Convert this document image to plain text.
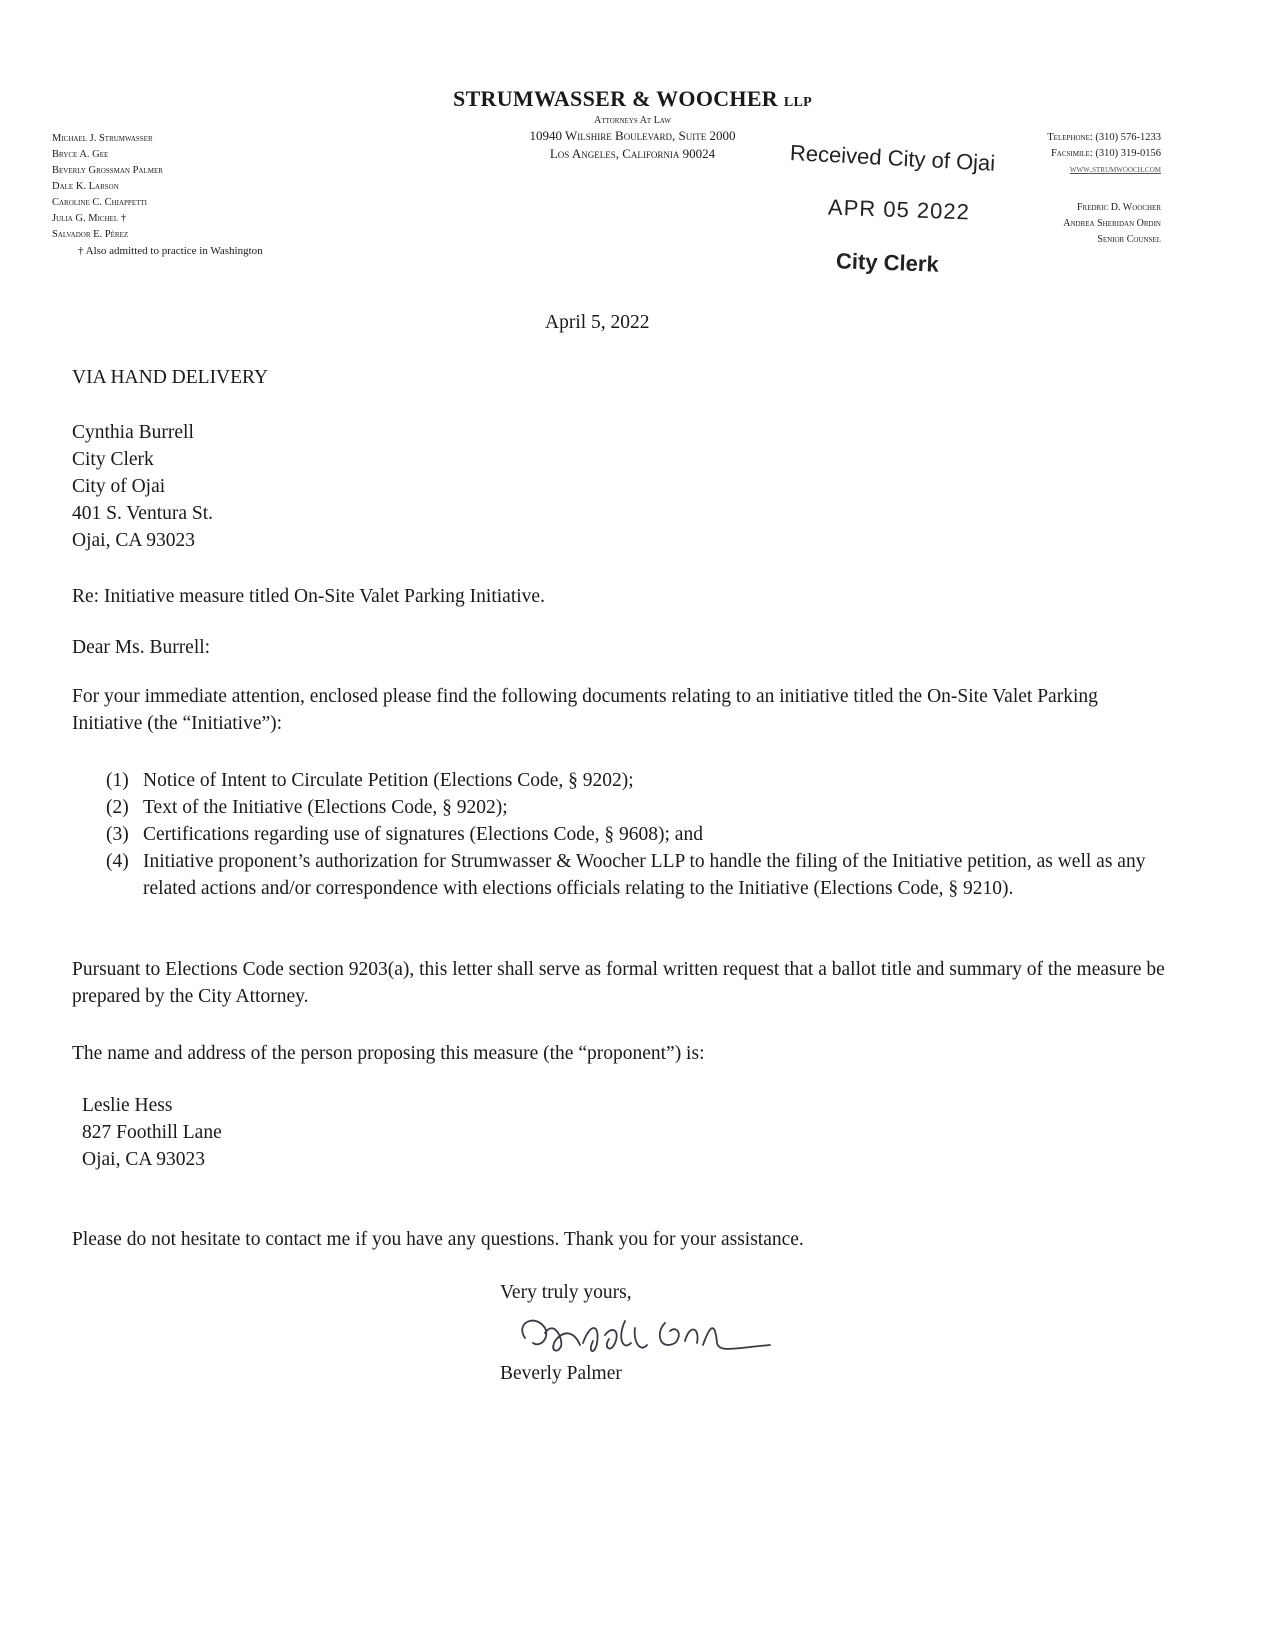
STRUMWASSER & WOOCHER LLP
Attorneys At Law
10940 Wilshire Boulevard, Suite 2000
Los Angeles, California 90024
Michael J. Strumwasser
Bryce A. Gee
Beverly Grossman Palmer
Dale K. Larson
Caroline C. Chiappetti
Julia G. Michel †
Salvador E. Pérez
† Also admitted to practice in Washington
Telephone: (310) 576-1233
Facsimile: (310) 319-0156
www.strumwooch.com
Fredric D. Woocher
Andrea Sheridan Ordin
Senior Counsel
Received City of Ojai
APR 05 2022
City Clerk
April 5, 2022
VIA HAND DELIVERY
Cynthia Burrell
City Clerk
City of Ojai
401 S. Ventura St.
Ojai, CA 93023
Re: Initiative measure titled On-Site Valet Parking Initiative.
Dear Ms. Burrell:
For your immediate attention, enclosed please find the following documents relating to an initiative titled the On-Site Valet Parking Initiative (the “Initiative”):
(1) Notice of Intent to Circulate Petition (Elections Code, § 9202);
(2) Text of the Initiative (Elections Code, § 9202);
(3) Certifications regarding use of signatures (Elections Code, § 9608); and
(4) Initiative proponent’s authorization for Strumwasser & Woocher LLP to handle the filing of the Initiative petition, as well as any related actions and/or correspondence with elections officials relating to the Initiative (Elections Code, § 9210).
Pursuant to Elections Code section 9203(a), this letter shall serve as formal written request that a ballot title and summary of the measure be prepared by the City Attorney.
The name and address of the person proposing this measure (the “proponent”) is:
Leslie Hess
827 Foothill Lane
Ojai, CA 93023
Please do not hesitate to contact me if you have any questions. Thank you for your assistance.
Very truly yours,
Beverly Palmer
